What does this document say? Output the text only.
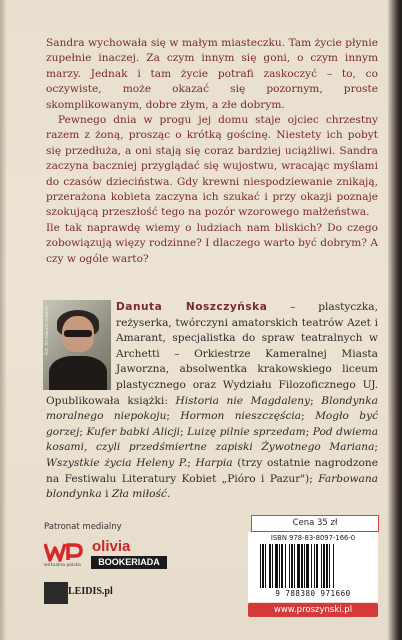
Sandra wychowała się w małym miasteczku. Tam życie płynie zupełnie inaczej. Za czym innym się goni, o czym innym marzy. Jednak i tam życie potrafi zaskoczyć – to, co oczywiste, może okazać się pozornym, proste skomplikowanym, dobre złym, a złe dobrym.

Pewnego dnia w progu jej domu staje ojciec chrzestny razem z żoną, prosząc o krótką gościnę. Niestety ich pobyt się przedłuża, a oni stają się coraz bardziej uciążliwi. Sandra zaczyna baczniej przyglądać się wujostwu, wracając myślami do czasów dzieciństwa. Gdy krewni niespodziewanie znikają, przerażona kobieta zaczyna ich szukać i przy okazji poznaje szokującą przeszłość tego na pozór wzorowego małżeństwa.

Ile tak naprawdę wiemy o ludziach nam bliskich? Do czego zobowiązują więzy rodzinne? I dlaczego warto być dobrym? A czy w ogóle warto?

Fot. Archiwum autorki	Danuta Noszczyńska – plastyczka, reżyserka, twórczyni amatorskich teatrów Azet i Amarant, specjalistka do spraw teatralnych w Archetti – Orkiestrze Kameralnej Miasta Jaworzna, absolwentka krakowskiego liceum plastycznego oraz Wydziału Filozoficznego UJ. Opublikowała książki: Historia nie Magdaleny; Blondynka moralnego niepokoju; Hormon nieszczęścia; Mogło być gorzej; Kufer babki Alicji; Luizę pilnie sprzedam; Pod dwiema kosami, czyli przedśmiertne zapiski Żywotnego Mariana; Wszystkie życia Heleny P.; Harpia (trzy ostatnie nagrodzone na Festiwalu Literatury Kobiet „Pióro i Pazur"); Farbowana blondynka i Zła miłość.
Patronat medialny
wirtualna polska
olivia
BOOKERIADA
LEIDIS.pl
Cena 35 zł
ISBN 978-83-8097-166-0
9 788380 971660
www.proszynski.pl
